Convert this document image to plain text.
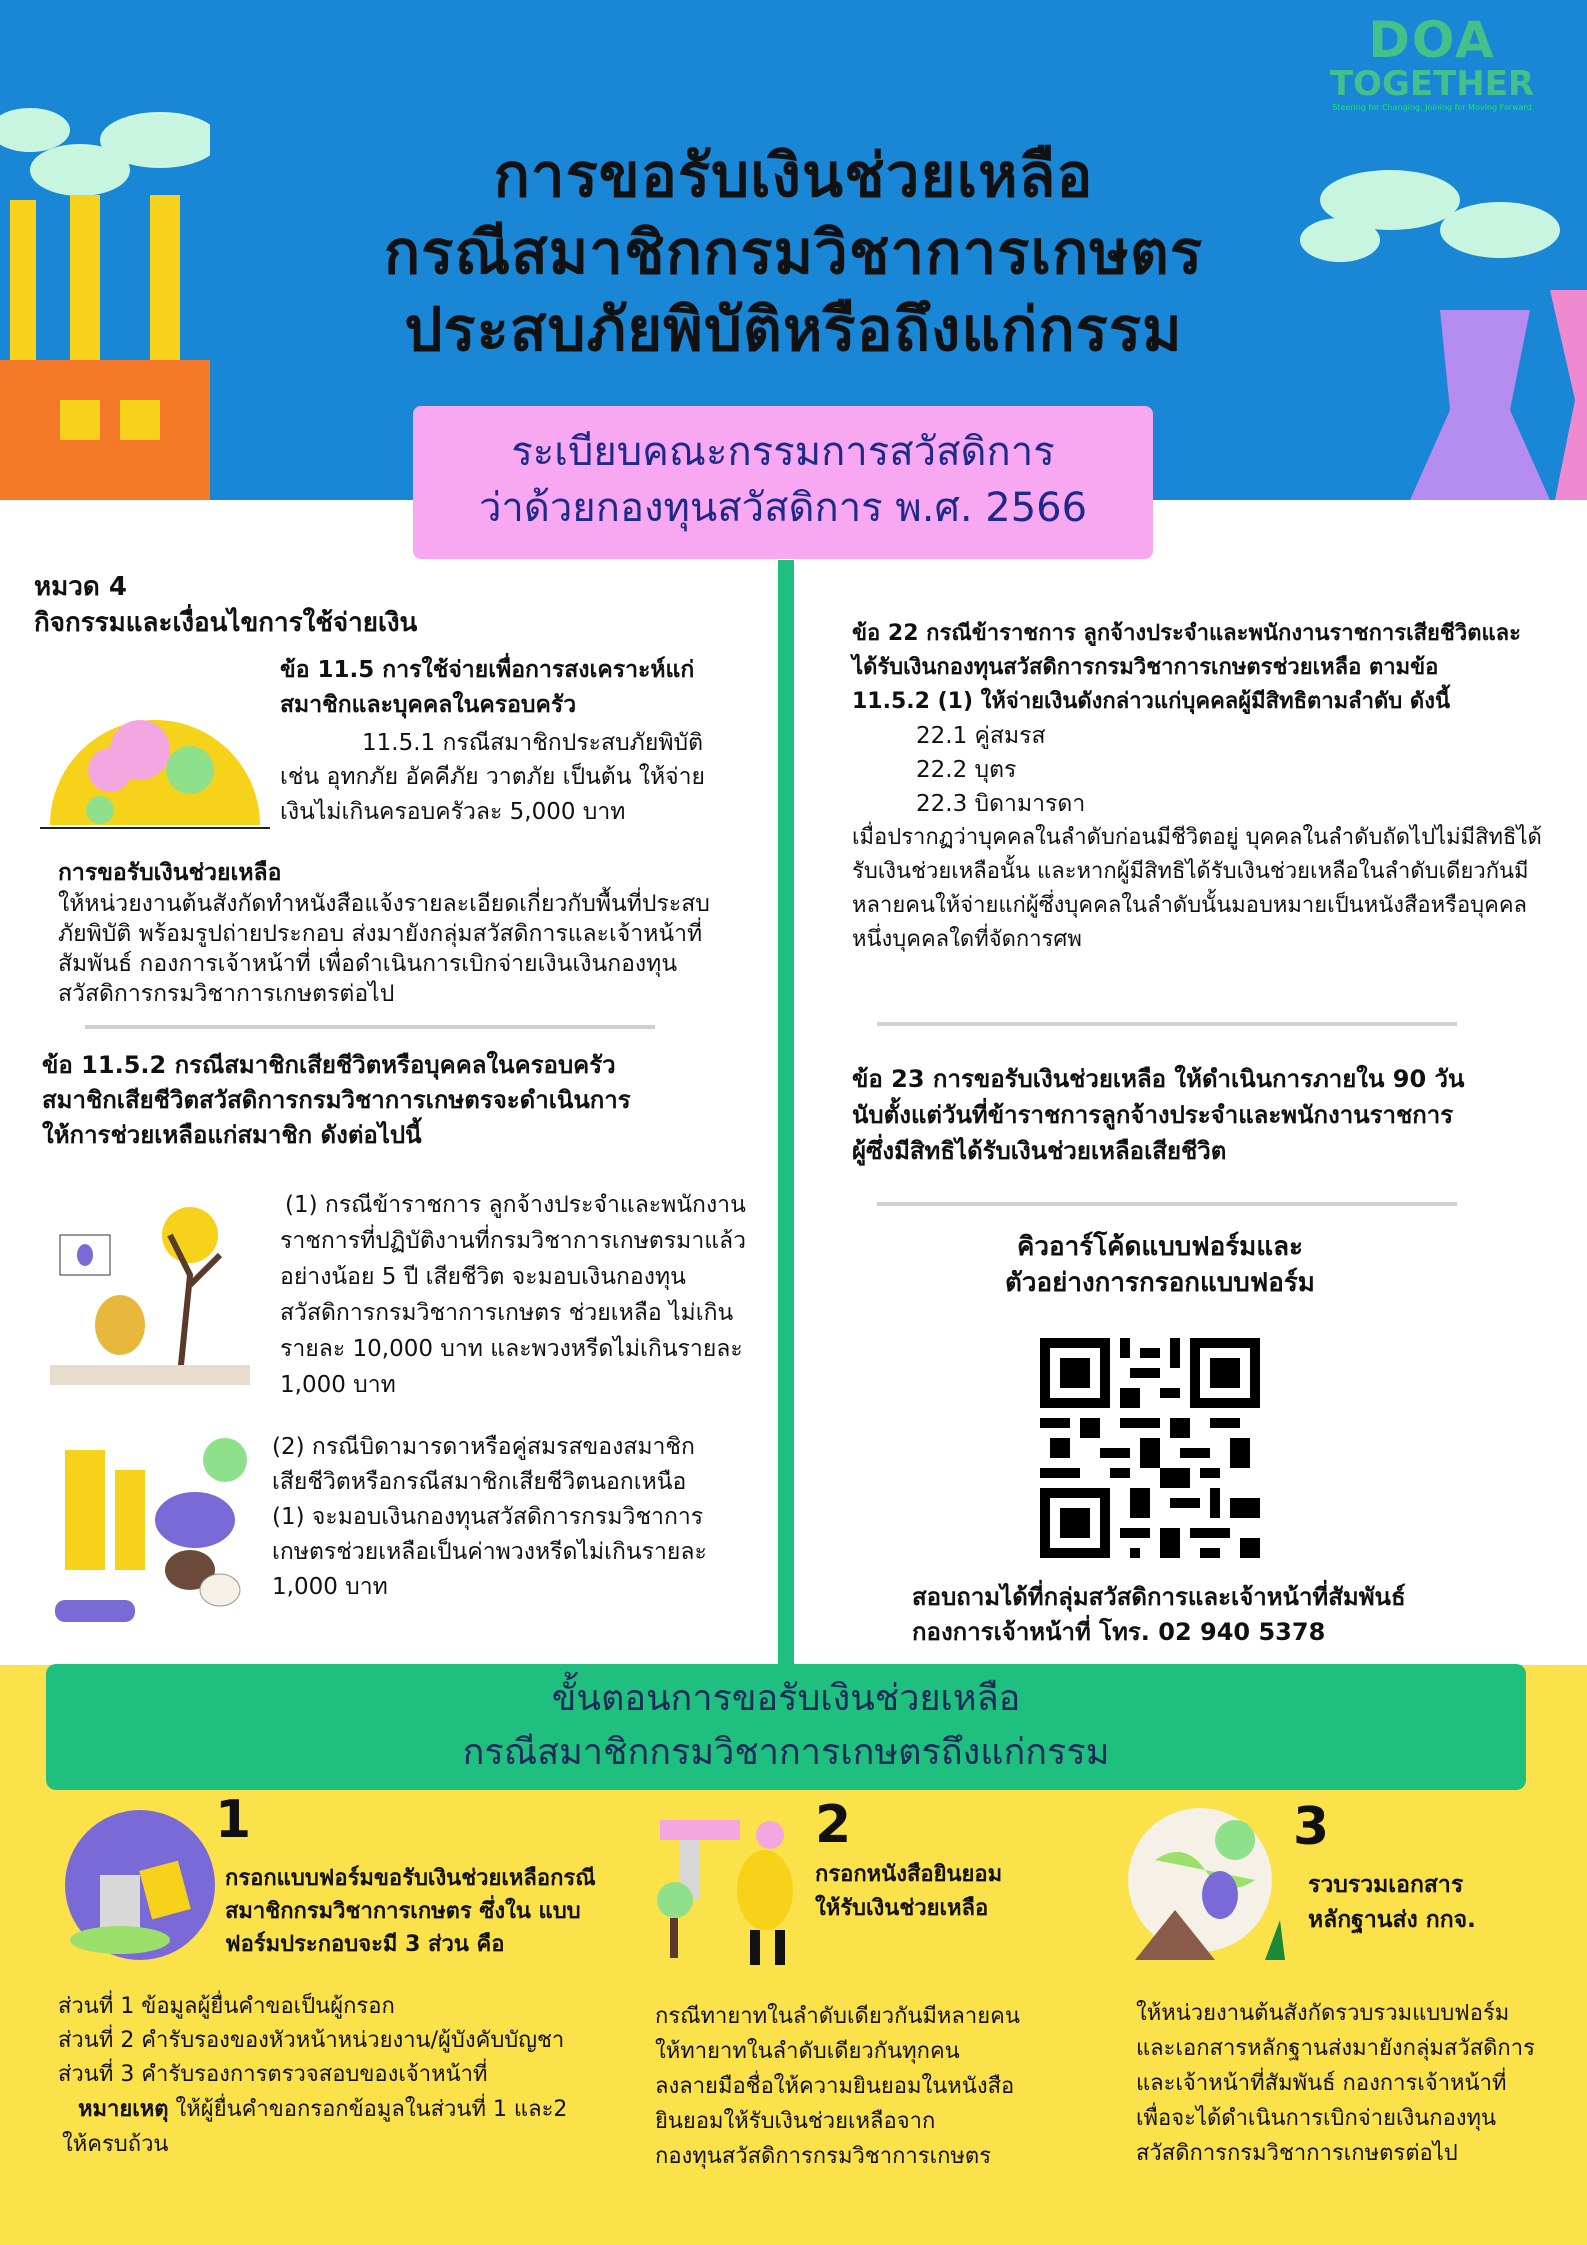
DOA
TOGETHER
Steering for Changing, Joining for Moving Forward
การขอรับเงินช่วยเหลือ
กรณีสมาชิกกรมวิชาการเกษตร
ประสบภัยพิบัติหรือถึงแก่กรรม
ระเบียบคณะกรรมการสวัสดิการ
ว่าด้วยกองทุนสวัสดิการ พ.ศ. 2566
หมวด 4
กิจกรรมและเงื่อนไขการใช้จ่ายเงิน
ข้อ 11.5 การใช้จ่ายเพื่อการสงเคราะห์แก่
สมาชิกและบุคคลในครอบครัว
11.5.1 กรณีสมาชิกประสบภัยพิบัติ
เช่น อุทกภัย อัคคีภัย วาตภัย เป็นต้น ให้จ่าย
เงินไม่เกินครอบครัวละ 5,000 บาท
การขอรับเงินช่วยเหลือ
ให้หน่วยงานต้นสังกัดทำหนังสือแจ้งรายละเอียดเกี่ยวกับพื้นที่ประสบ
ภัยพิบัติ พร้อมรูปถ่ายประกอบ ส่งมายังกลุ่มสวัสดิการและเจ้าหน้าที่
สัมพันธ์ กองการเจ้าหน้าที่ เพื่อดำเนินการเบิกจ่ายเงินเงินกองทุน
สวัสดิการกรมวิชาการเกษตรต่อไป
ข้อ 11.5.2 กรณีสมาชิกเสียชีวิตหรือบุคคลในครอบครัว
สมาชิกเสียชีวิตสวัสดิการกรมวิชาการเกษตรจะดำเนินการ
ให้การช่วยเหลือแก่สมาชิก ดังต่อไปนี้
(1) กรณีข้าราชการ ลูกจ้างประจำและพนักงาน
ราชการที่ปฏิบัติงานที่กรมวิชาการเกษตรมาแล้ว
อย่างน้อย 5 ปี เสียชีวิต จะมอบเงินกองทุน
สวัสดิการกรมวิชาการเกษตร ช่วยเหลือ ไม่เกิน
รายละ 10,000 บาท และพวงหรีดไม่เกินรายละ
1,000 บาท
(2) กรณีบิดามารดาหรือคู่สมรสของสมาชิก
เสียชีวิตหรือกรณีสมาชิกเสียชีวิตนอกเหนือ
(1) จะมอบเงินกองทุนสวัสดิการกรมวิชาการ
เกษตรช่วยเหลือเป็นค่าพวงหรีดไม่เกินรายละ
1,000 บาท
ข้อ 22 กรณีข้าราชการ ลูกจ้างประจำและพนักงานราชการเสียชีวิตและ
ได้รับเงินกองทุนสวัสดิการกรมวิชาการเกษตรช่วยเหลือ ตามข้อ
11.5.2 (1) ให้จ่ายเงินดังกล่าวแก่บุคคลผู้มีสิทธิตามลำดับ ดังนี้
22.1 คู่สมรส
22.2 บุตร
22.3 บิดามารดา
เมื่อปรากฏว่าบุคคลในลำดับก่อนมีชีวิตอยู่ บุคคลในลำดับถัดไปไม่มีสิทธิได้
รับเงินช่วยเหลือนั้น และหากผู้มีสิทธิได้รับเงินช่วยเหลือในลำดับเดียวกันมี
หลายคนให้จ่ายแก่ผู้ซึ่งบุคคลในลำดับนั้นมอบหมายเป็นหนังสือหรือบุคคล
หนึ่งบุคคลใดที่จัดการศพ
ข้อ 23 การขอรับเงินช่วยเหลือ ให้ดำเนินการภายใน 90 วัน
นับตั้งแต่วันที่ข้าราชการลูกจ้างประจำและพนักงานราชการ
ผู้ซึ่งมีสิทธิได้รับเงินช่วยเหลือเสียชีวิต
คิวอาร์โค้ดแบบฟอร์มและ
ตัวอย่างการกรอกแบบฟอร์ม
สอบถามได้ที่กลุ่มสวัสดิการและเจ้าหน้าที่สัมพันธ์
กองการเจ้าหน้าที่ โทร. 02 940 5378
ขั้นตอนการขอรับเงินช่วยเหลือ
กรณีสมาชิกกรมวิชาการเกษตรถึงแก่กรรม
1
กรอกแบบฟอร์มขอรับเงินช่วยเหลือกรณี
สมาชิกกรมวิชาการเกษตร ซึ่งใน แบบ
ฟอร์มประกอบจะมี 3 ส่วน คือ
ส่วนที่ 1 ข้อมูลผู้ยื่นคำขอเป็นผู้กรอก
ส่วนที่ 2 คำรับรองของหัวหน้าหน่วยงาน/ผู้บังคับบัญชา
ส่วนที่ 3 คำรับรองการตรวจสอบของเจ้าหน้าที่
หมายเหตุ ให้ผู้ยื่นคำขอกรอกข้อมูลในส่วนที่ 1 และ2
ให้ครบถ้วน
2
กรอกหนังสือยินยอม
ให้รับเงินช่วยเหลือ
กรณีทายาทในลำดับเดียวกันมีหลายคน
ให้ทายาทในลำดับเดียวกันทุกคน
ลงลายมือชื่อให้ความยินยอมในหนังสือ
ยินยอมให้รับเงินช่วยเหลือจาก
กองทุนสวัสดิการกรมวิชาการเกษตร
3
รวบรวมเอกสาร
หลักฐานส่ง กกจ.
ให้หน่วยงานต้นสังกัดรวบรวมแบบฟอร์ม
และเอกสารหลักฐานส่งมายังกลุ่มสวัสดิการ
และเจ้าหน้าที่สัมพันธ์ กองการเจ้าหน้าที่
เพื่อจะได้ดำเนินการเบิกจ่ายเงินกองทุน
สวัสดิการกรมวิชาการเกษตรต่อไป
